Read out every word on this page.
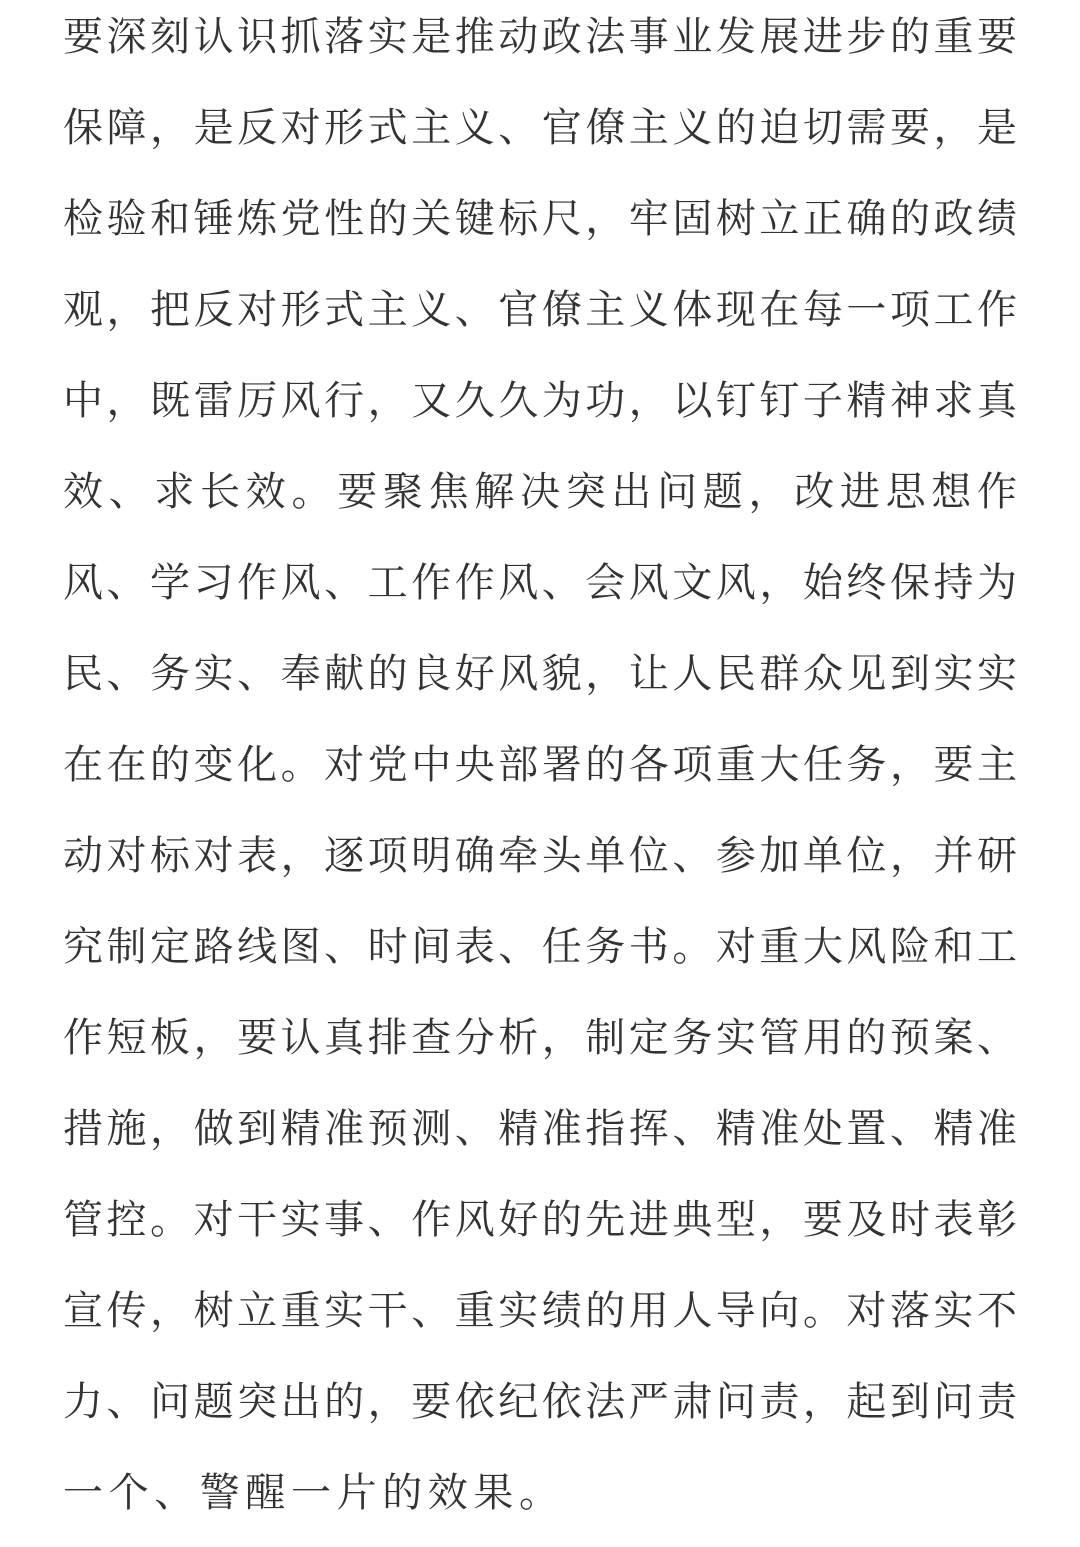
要深刻认识抓落实是推动政法事业发展进步的重要

保障，是反对形式主义、官僚主义的迫切需要，是

检验和锤炼党性的关键标尺，牢固树立正确的政绩

观，把反对形式主义、官僚主义体现在每一项工作

中，既雷厉风行，又久久为功，以钉钉子精神求真

效、求长效。要聚焦解决突出问题，改进思想作

风、学习作风、工作作风、会风文风，始终保持为

民、务实、奉献的良好风貌，让人民群众见到实实

在在的变化。对党中央部署的各项重大任务，要主

动对标对表，逐项明确牵头单位、参加单位，并研

究制定路线图、时间表、任务书。对重大风险和工

作短板，要认真排查分析，制定务实管用的预案、

措施，做到精准预测、精准指挥、精准处置、精准

管控。对干实事、作风好的先进典型，要及时表彰

宣传，树立重实干、重实绩的用人导向。对落实不

力、问题突出的，要依纪依法严肃问责，起到问责

一个、警醒一片的效果。
